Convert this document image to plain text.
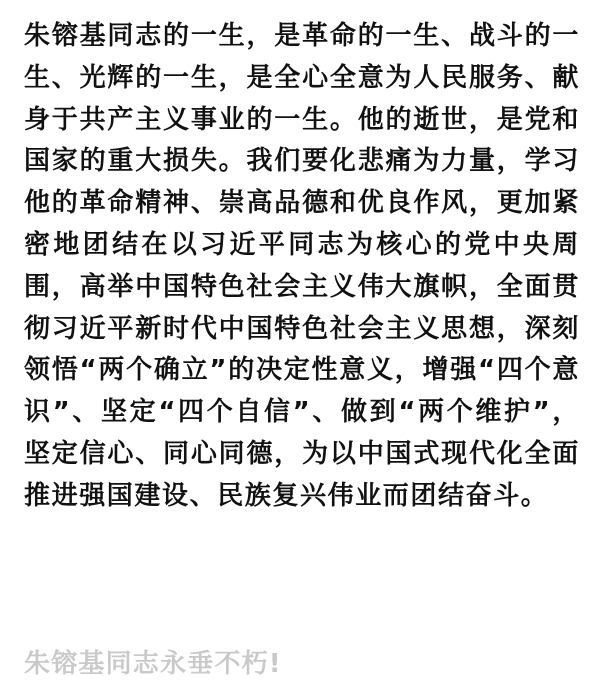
朱镕基同志的一生，是革命的一生、战斗的一生、光辉的一生，是全心全意为人民服务、献身于共产主义事业的一生。他的逝世，是党和国家的重大损失。我们要化悲痛为力量，学习他的革命精神、崇高品德和优良作风，更加紧密地团结在以习近平同志为核心的党中央周围，高举中国特色社会主义伟大旗帜，全面贯彻习近平新时代中国特色社会主义思想，深刻领悟“两个确立”的决定性意义，增强“四个意识”、坚定“四个自信”、做到“两个维护”，坚定信心、同心同德，为以中国式现代化全面推进强国建设、民族复兴伟业而团结奋斗。

朱镕基同志永垂不朽!
